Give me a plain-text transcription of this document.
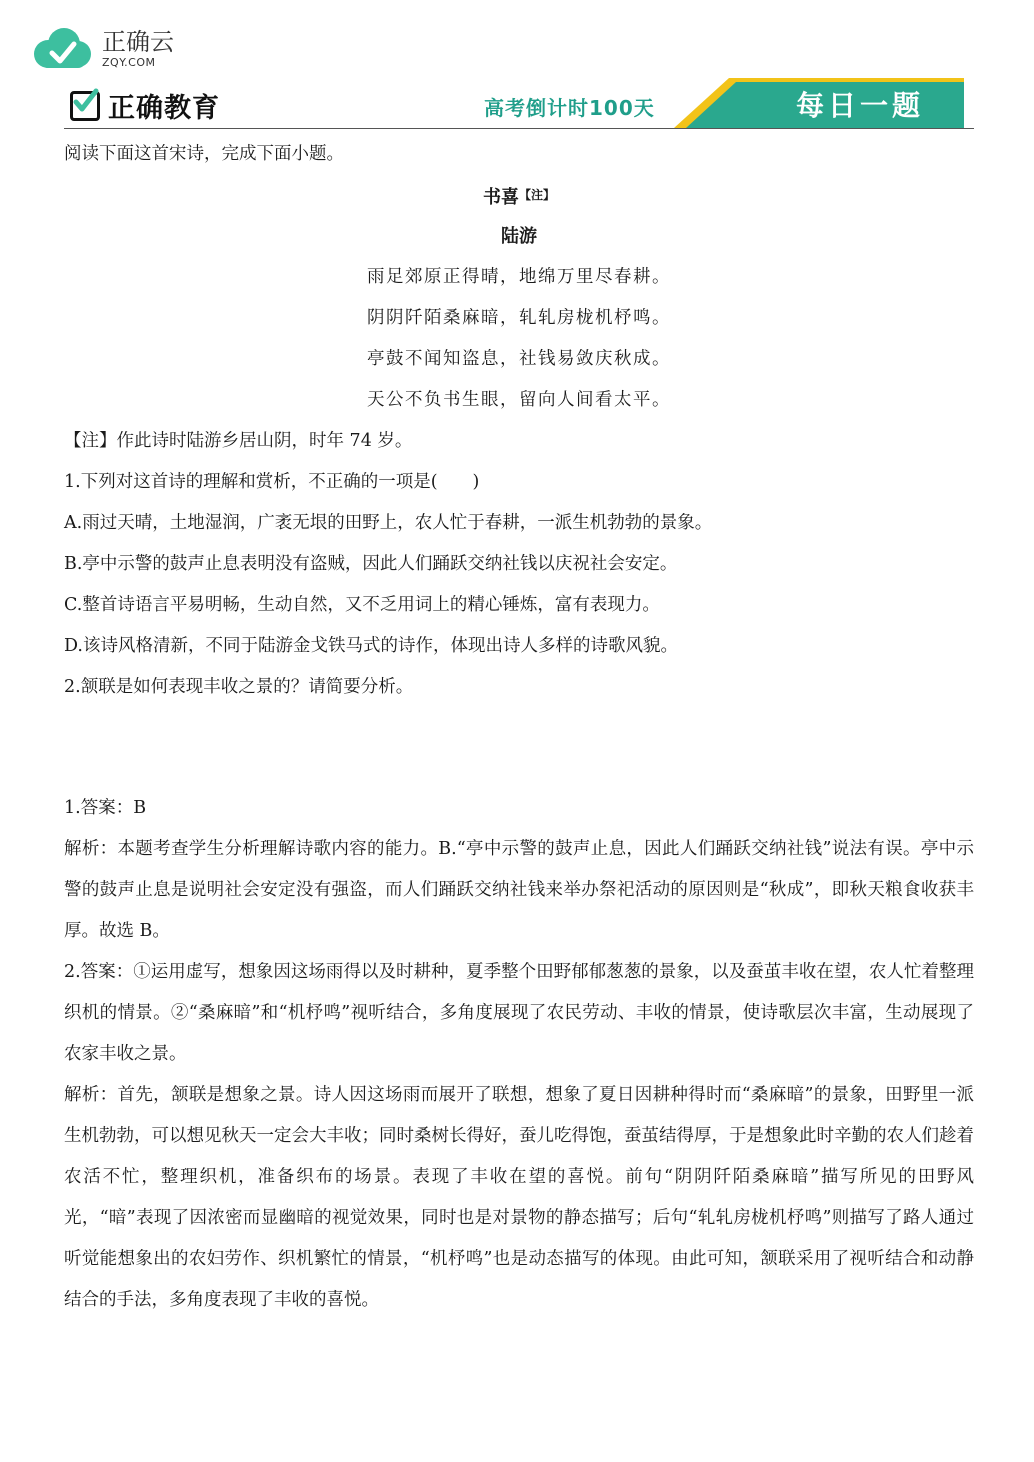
正确云
ZQY.COM
正确教育	高考倒计时100天	每日一题
阅读下面这首宋诗，完成下面小题。
书喜$^{【注】}$
陆游
雨足郊原正得晴，地绵万里尽春耕。
阴阴阡陌桑麻暗，轧轧房栊机杼鸣。
亭鼓不闻知盗息，社钱易敛庆秋成。
天公不负书生眼，留向人间看太平。
【注】作此诗时陆游乡居山阴，时年 74 岁。
1.下列对这首诗的理解和赏析，不正确的一项是(　　)
A.雨过天晴，土地湿润，广袤无垠的田野上，农人忙于春耕，一派生机勃勃的景象。
B.亭中示警的鼓声止息表明没有盗贼，因此人们踊跃交纳社钱以庆祝社会安定。
C.整首诗语言平易明畅，生动自然，又不乏用词上的精心锤炼，富有表现力。
D.该诗风格清新，不同于陆游金戈铁马式的诗作，体现出诗人多样的诗歌风貌。
2.颔联是如何表现丰收之景的？请简要分析。
1.答案：B
解析：本题考查学生分析理解诗歌内容的能力。B.“亭中示警的鼓声止息，因此人们踊跃交纳社钱”说法有误。亭中示警的鼓声止息是说明社会安定没有强盗，而人们踊跃交纳社钱来举办祭祀活动的原因则是“秋成”，即秋天粮食收获丰厚。故选 B。
2.答案：①运用虚写，想象因这场雨得以及时耕种，夏季整个田野郁郁葱葱的景象，以及蚕茧丰收在望，农人忙着整理织机的情景。②“桑麻暗”和“机杼鸣”视听结合，多角度展现了农民劳动、丰收的情景，使诗歌层次丰富，生动展现了农家丰收之景。
解析：首先，颔联是想象之景。诗人因这场雨而展开了联想，想象了夏日因耕种得时而“桑麻暗”的景象，田野里一派生机勃勃，可以想见秋天一定会大丰收；同时桑树长得好，蚕儿吃得饱，蚕茧结得厚，于是想象此时辛勤的农人们趁着农活不忙，整理织机，准备织布的场景。表现了丰收在望的喜悦。前句“阴阴阡陌桑麻暗”描写所见的田野风光，“暗”表现了因浓密而显幽暗的视觉效果，同时也是对景物的静态描写；后句“轧轧房栊机杼鸣”则描写了路人通过听觉能想象出的农妇劳作、织机繁忙的情景，“机杼鸣”也是动态描写的体现。由此可知，颔联采用了视听结合和动静结合的手法，多角度表现了丰收的喜悦。
